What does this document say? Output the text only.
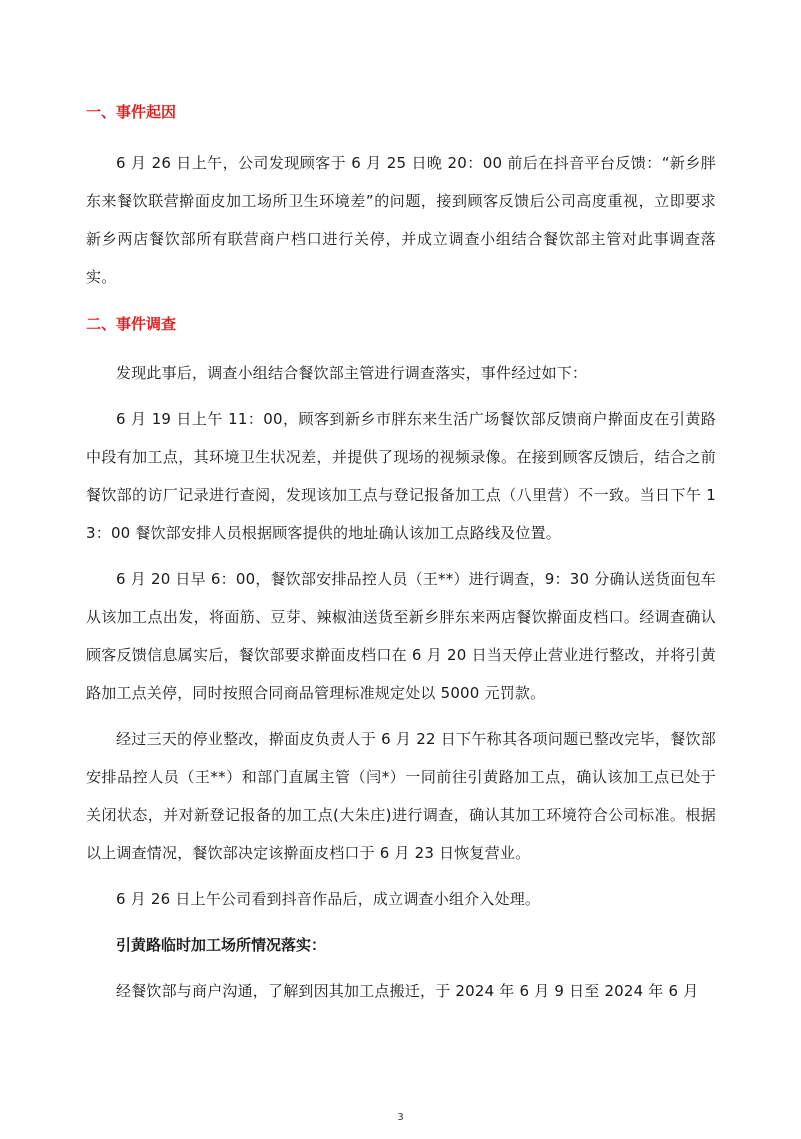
一、事件起因

6 月 26 日上午，公司发现顾客于 6 月 25 日晚 20：00 前后在抖音平台反馈：“新乡胖东来餐饮联营擀面皮加工场所卫生环境差”的问题，接到顾客反馈后公司高度重视，立即要求新乡两店餐饮部所有联营商户档口进行关停，并成立调查小组结合餐饮部主管对此事调查落实。

二、事件调查

发现此事后，调查小组结合餐饮部主管进行调查落实，事件经过如下：

6 月 19 日上午 11：00，顾客到新乡市胖东来生活广场餐饮部反馈商户擀面皮在引黄路中段有加工点，其环境卫生状况差，并提供了现场的视频录像。在接到顾客反馈后，结合之前餐饮部的访厂记录进行查阅，发现该加工点与登记报备加工点（八里营）不一致。当日下午 13：00 餐饮部安排人员根据顾客提供的地址确认该加工点路线及位置。

6 月 20 日早 6：00，餐饮部安排品控人员（王**）进行调查，9：30 分确认送货面包车从该加工点出发，将面筋、豆芽、辣椒油送货至新乡胖东来两店餐饮擀面皮档口。经调查确认顾客反馈信息属实后，餐饮部要求擀面皮档口在 6 月 20 日当天停止营业进行整改，并将引黄路加工点关停，同时按照合同商品管理标准规定处以 5000 元罚款。

经过三天的停业整改，擀面皮负责人于 6 月 22 日下午称其各项问题已整改完毕，餐饮部安排品控人员（王**）和部门直属主管（闫*）一同前往引黄路加工点，确认该加工点已处于关闭状态，并对新登记报备的加工点(大朱庄)进行调查，确认其加工环境符合公司标准。根据以上调查情况，餐饮部决定该擀面皮档口于 6 月 23 日恢复营业。

6 月 26 日上午公司看到抖音作品后，成立调查小组介入处理。

引黄路临时加工场所情况落实：

经餐饮部与商户沟通，了解到因其加工点搬迁，于 2024 年 6 月 9 日至 2024 年 6 月

3
